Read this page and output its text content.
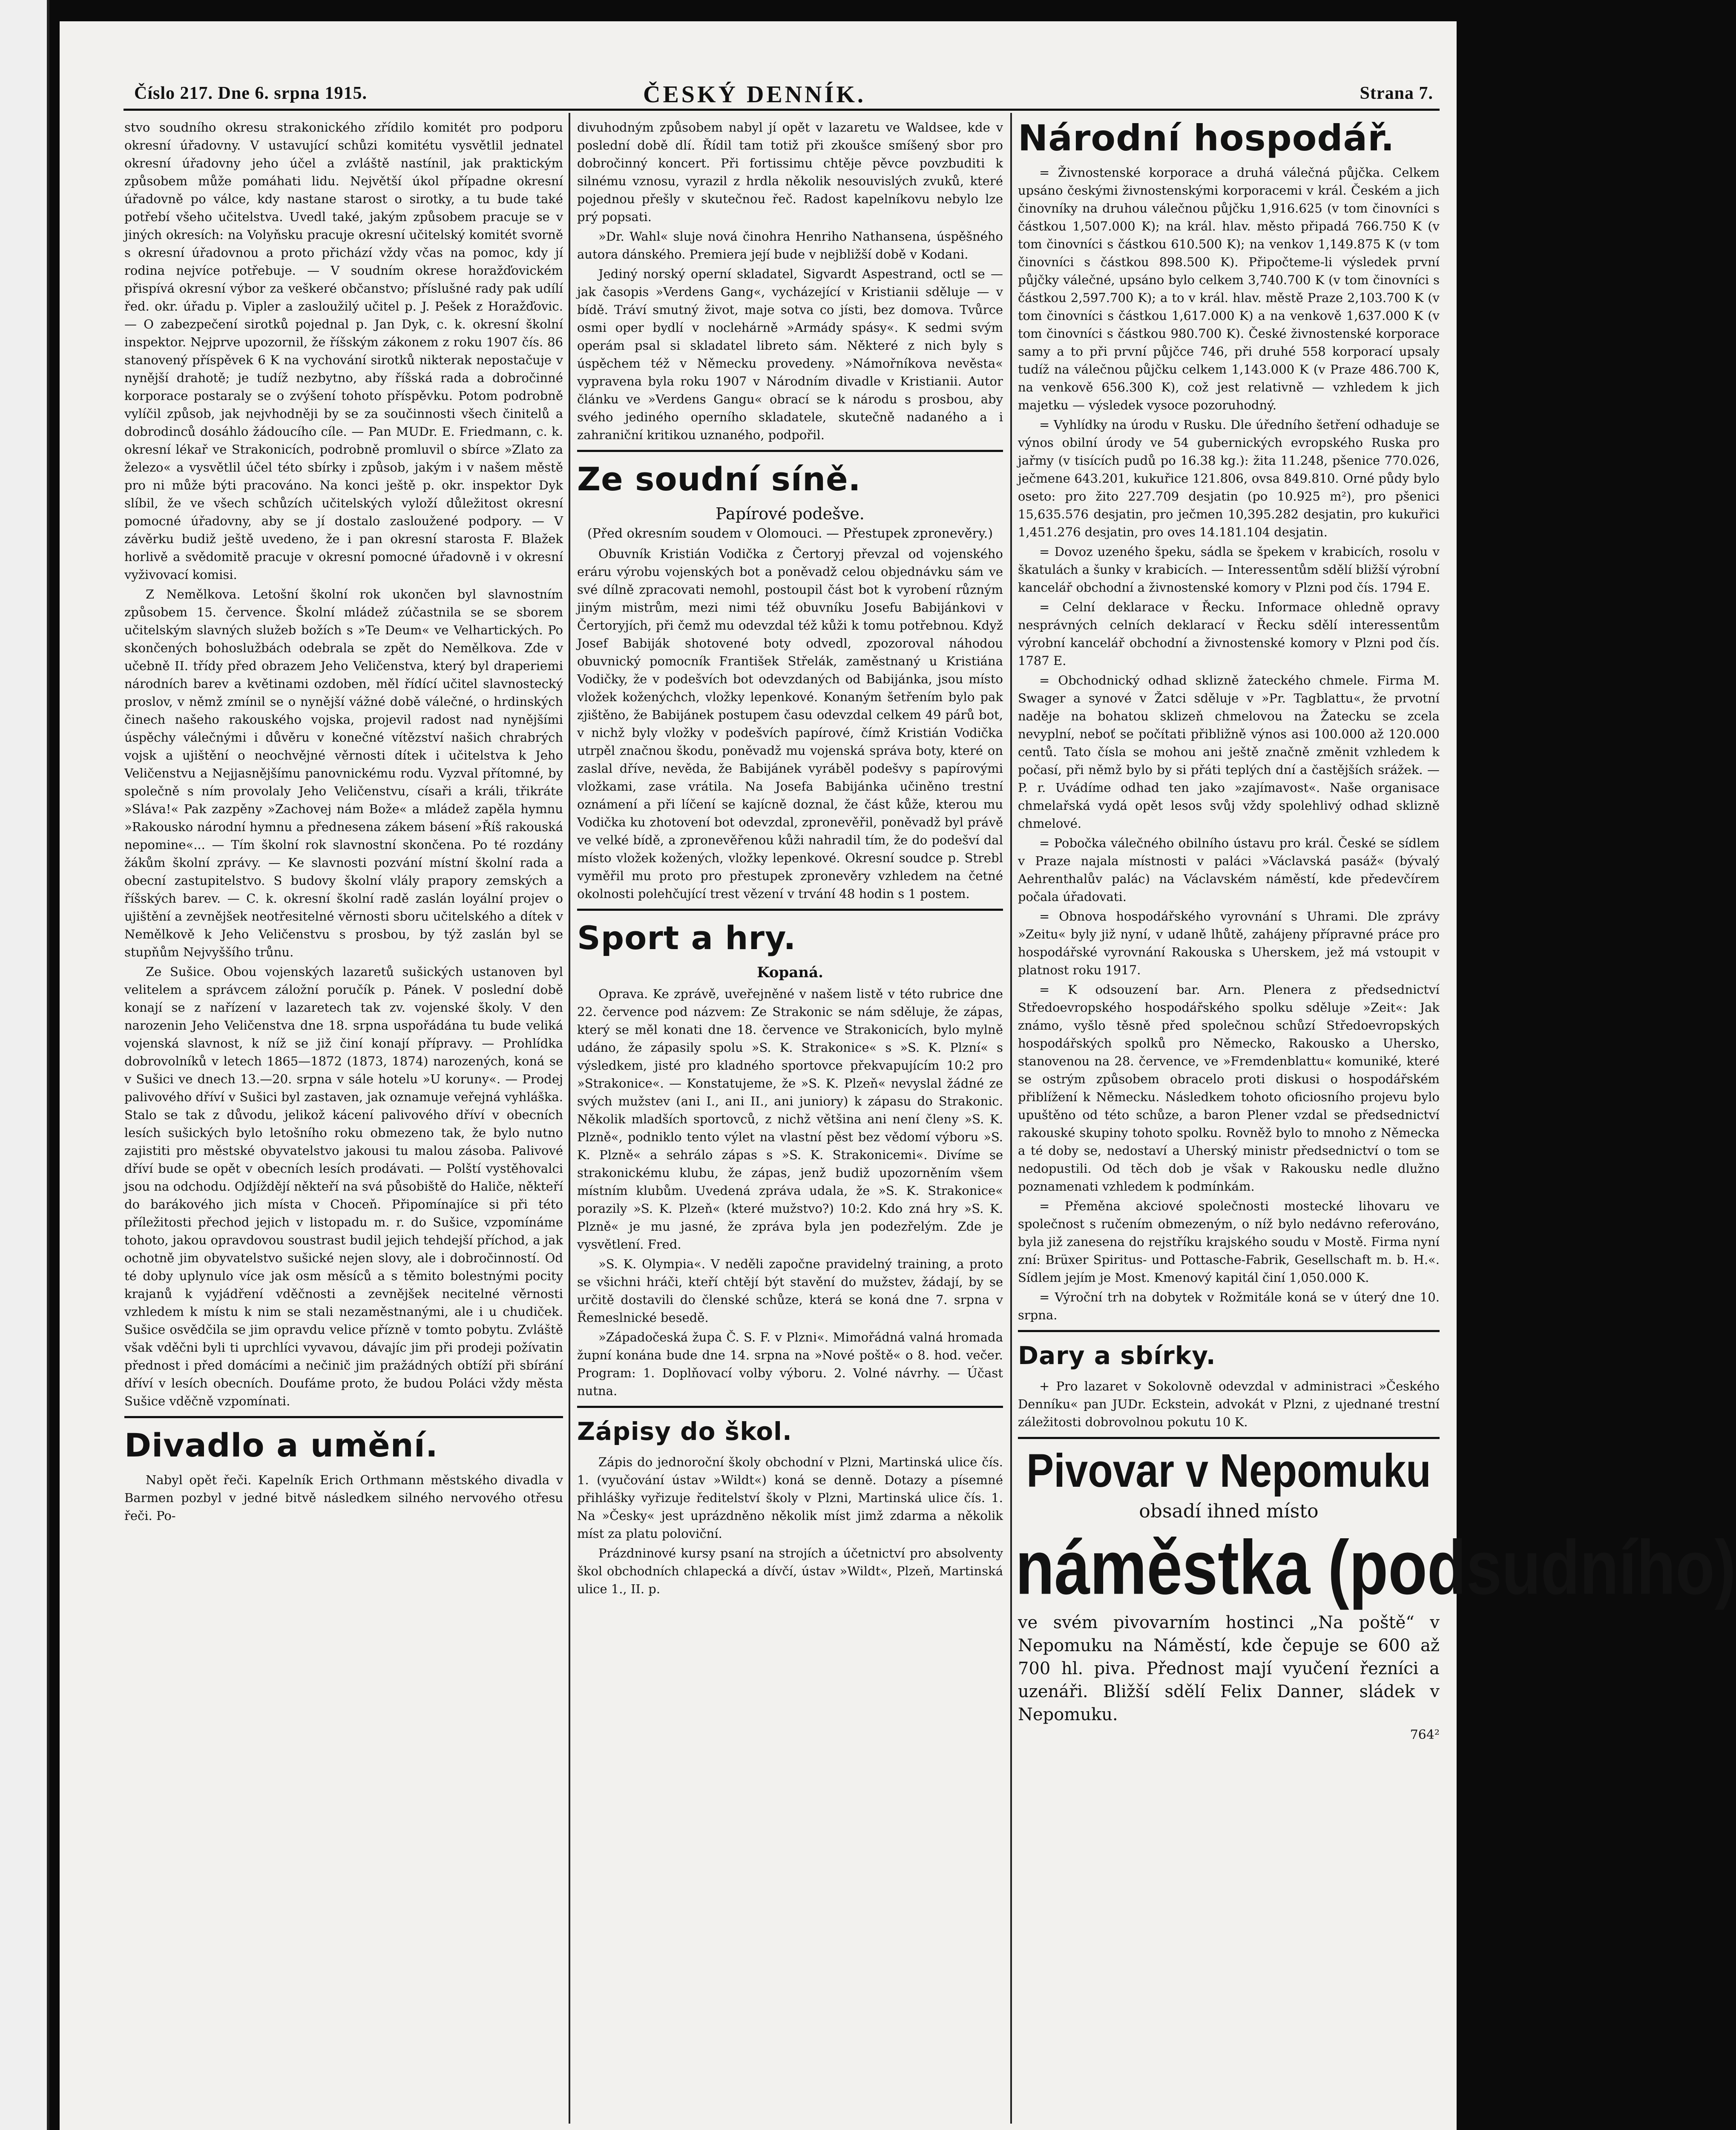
Číslo 217. Dne 6. srpna 1915.	ČESKÝ DENNÍK.	Strana 7.

stvo soudního okresu strakonického zřídilo komitét pro podporu okresní úřadovny. V ustavující schůzi komitétu vysvětlil jednatel okresní úřadovny jeho účel a zvláště nastínil, jak praktickým způsobem může pomáhati lidu. Největší úkol případne okresní úřadovně po válce, kdy nastane starost o sirotky, a tu bude také potřebí všeho učitelstva. Uvedl také, jakým způsobem pracuje se v jiných okresích: na Volyňsku pracuje okresní učitelský komitét svorně s okresní úřadovnou a proto přichází vždy včas na pomoc, kdy jí rodina nejvíce potřebuje. — V soudním okrese horažďovickém přispívá okresní výbor za veškeré občanstvo; příslušné rady pak udílí řed. okr. úřadu p. Vipler a zasloužilý učitel p. J. Pešek z Horažďovic. — O zabezpečení sirotků pojednal p. Jan Dyk, c. k. okresní školní inspektor. Nejprve upozornil, že říšským zákonem z roku 1907 čís. 86 stanovený příspěvek 6 K na vychování sirotků nikterak nepostačuje v nynější drahotě; je tudíž nezbytno, aby říšská rada a dobročinné korporace postaraly se o zvýšení tohoto příspěvku. Potom podrobně vylíčil způsob, jak nejvhodněji by se za součinnosti všech činitelů a dobrodinců dosáhlo žádoucího cíle. — Pan MUDr. E. Friedmann, c. k. okresní lékař ve Strakonicích, podrobně promluvil o sbírce »Zlato za železo« a vysvětlil účel této sbírky i způsob, jakým i v našem městě pro ni může býti pracováno. Na konci ještě p. okr. inspektor Dyk slíbil, že ve všech schůzích učitelských vyloží důležitost okresní pomocné úřadovny, aby se jí dostalo zasloužené podpory. — V závěrku budiž ještě uvedeno, že i pan okresní starosta F. Blažek horlivě a svědomitě pracuje v okresní pomocné úřadovně i v okresní vyživovací komisi.

Z Nemělkova. Letošní školní rok ukončen byl slavnostním způsobem 15. července. Školní mládež zúčastnila se se sborem učitelským slavných služeb božích s »Te Deum« ve Velhartických. Po skončených bohoslužbách odebrala se zpět do Nemělkova. Zde v učebně II. třídy před obrazem Jeho Veličenstva, který byl draperiemi národních barev a květinami ozdoben, měl řídící učitel slavnostecký proslov, v němž zmínil se o nynější vážné době válečné, o hrdinských činech našeho rakouského vojska, projevil radost nad nynějšími úspěchy válečnými i důvěru v konečné vítězství našich chrabrých vojsk a ujištění o neochvějné věrnosti dítek i učitelstva k Jeho Veličenstvu a Nejjasnějšímu panovnickému rodu. Vyzval přítomné, by společně s ním provolaly Jeho Veličenstvu, císaři a králi, třikráte »Sláva!« Pak zazpěny »Zachovej nám Bože« a mládež zapěla hymnu »Rakousko národní hymnu a přednesena zákem básení »Říš rakouská nepomine«... — Tím školní rok slavnostní skončena. Po té rozdány žákům školní zprávy. — Ke slavnosti pozvání místní školní rada a obecní zastupitelstvo. S budovy školní vlály prapory zemských a říšských barev. — C. k. okresní školní radě zaslán loyální projev o ujištění a zevnějšek neotřesitelné věrnosti sboru učitelského a dítek v Nemělkově k Jeho Veličenstvu s prosbou, by týž zaslán byl se stupňům Nejvyššího trůnu.

Ze Sušice. Obou vojenských lazaretů sušických ustanoven byl velitelem a správcem záložní poručík p. Pánek. V poslední době konají se z nařízení v lazaretech tak zv. vojenské školy. V den narozenin Jeho Veličenstva dne 18. srpna uspořádána tu bude veliká vojenská slavnost, k níž se již činí konají přípravy. — Prohlídka dobrovolníků v letech 1865—1872 (1873, 1874) narozených, koná se v Sušici ve dnech 13.—20. srpna v sále hotelu »U koruny«. — Prodej palivového dříví v Sušici byl zastaven, jak oznamuje veřejná vyhláška. Stalo se tak z důvodu, jelikož kácení palivového dříví v obecních lesích sušických bylo letošního roku obmezeno tak, že bylo nutno zajistiti pro městské obyvatelstvo jakousi tu malou zásoba. Palivové dříví bude se opět v obecních lesích prodávati. — Polští vystěhovalci jsou na odchodu. Odjíždějí někteří na svá působiště do Haliče, někteří do barákového jich místa v Choceň. Připomínajíce si při této příležitosti přechod jejich v listopadu m. r. do Sušice, vzpomínáme tohoto, jakou opravdovou soustrast budil jejich tehdejší příchod, a jak ochotně jim obyvatelstvo sušické nejen slovy, ale i dobročinností. Od té doby uplynulo více jak osm měsíců a s těmito bolestnými pocity krajanů k vyjádření vděčnosti a zevnějšek necitelné věrnosti vzhledem k místu k nim se stali nezaměstnanými, ale i u chudiček. Sušice osvědčila se jim opravdu velice přízně v tomto pobytu. Zvláště však vděčni byli ti uprchlíci vyvavou, dávajíc jim při prodeji požívatin přednost i před domácími a nečinič jim pražádných obtíží při sbírání dříví v lesích obecních. Doufáme proto, že budou Poláci vždy města Sušice vděčně vzpomínati.

Divadlo a umění.

Nabyl opět řeči. Kapelník Erich Orthmann městského divadla v Barmen pozbyl v jedné bitvě následkem silného nervového otřesu řeči. Po-

divuhodným způsobem nabyl jí opět v lazaretu ve Waldsee, kde v poslední době dlí. Řídil tam totiž při zkoušce smíšený sbor pro dobročinný koncert. Při fortissimu chtěje pěvce povzbuditi k silnému vznosu, vyrazil z hrdla několik nesouvislých zvuků, které pojednou přešly v skutečnou řeč. Radost kapelníkovu nebylo lze prý popsati.

»Dr. Wahl« slujе nová činohra Henriho Nathansena, úspěšného autora dánského. Premiera její bude v nejbližší době v Kodani.

Jediný norský operní skladatel, Sigvardt Aspestrand, octl se — jak časopis »Verdens Gang«, vycházející v Kristianii sděluje — v bídě. Tráví smutný život, maje sotva co jísti, bez domova. Tvůrce osmi oper bydlí v noclehárně »Armády spásy«. K sedmi svým operám psal si skladatel libreto sám. Některé z nich byly s úspěchem též v Německu provedeny. »Námořníkova nevěsta« vypravena byla roku 1907 v Národním divadle v Kristianii. Autor článku ve »Verdens Gangu« obrací se k národu s prosbou, aby svého jediného operního skladatele, skutečně nadaného a i zahraniční kritikou uznaného, podpořil.

Ze soudní síně.
Papírové podešve.
(Před okresním soudem v Olomouci. — Přestupek zpronevěry.)

Obuvník Kristián Vodička z Čertoryj převzal od vojenského eráru výrobu vojenských bot a poněvadž celou objednávku sám ve své dílně zpracovati nemohl, postoupil část bot k vyrobení různým jiným mistrům, mezi nimi též obuvníku Josefu Babijánkovi v Čertoryjích, při čemž mu odevzdal též kůži k tomu potřebnou. Když Josef Babiják shotovené boty odvedl, zpozoroval náhodou obuvnický pomocník František Střelák, zaměstnaný u Kristiána Vodičky, že v podešvích bot odevzdaných od Babijánka, jsou místo vložek koženýchch, vložky lepenkové. Konaným šetřením bylo pak zjištěno, že Babijánek postupem času odevzdal celkem 49 párů bot, v nichž byly vložky v podešvích papírové, čímž Kristián Vodička utrpěl značnou škodu, poněvadž mu vojenská správa boty, které on zaslal dříve, nevěda, že Babijánek vyráběl podešvy s papírovými vložkami, zase vrátila. Na Josefa Babijánka učiněno trestní oznámení a při líčení se kajícně doznal, že část kůže, kterou mu Vodička ku zhotovení bot odevzdal, zpronevěřil, poněvadž byl právě ve velké bídě, a zpronevěřenou kůži nahradil tím, že do podešví dal místo vložek kožených, vložky lepenkové. Okresní soudce p. Strebl vyměřil mu proto pro přestupek zpronevěry vzhledem na četné okolnosti polehčující trest vězení v trvání 48 hodin s 1 postem.

Sport a hry.
Kopaná.

Oprava. Ke zprávě, uveřejněné v našem listě v této rubrice dne 22. července pod názvem: Ze Strakonic se nám sděluje, že zápas, který se měl konati dne 18. července ve Strakonicích, bylo mylně udáno, že zápasily spolu »S. K. Strakonice« s »S. K. Plzní« s výsledkem, jisté pro kladného sportovce překvapujícím 10:2 pro »Strakonice«. — Konstatujeme, že »S. K. Plzeň« nevyslal žádné ze svých mužstev (ani I., ani II., ani juniory) k zápasu do Strakonic. Několik mladších sportovců, z nichž většina ani není členy »S. K. Plzně«, podniklo tento výlet na vlastní pěst bez vědomí výboru »S. K. Plzně« a sehrálo zápas s »S. K. Strakonicemi«. Divíme se strakonickému klubu, že zápas, jenž budiž upozorněním všem místním klubům. Uvedená zpráva udala, že »S. K. Strakonice« porazily »S. K. Plzeň« (které mužstvo?) 10:2. Kdo zná hry »S. K. Plzně« je mu jasné, že zpráva byla jen podezřelým. Zde je vysvětlení. Fred.

»S. K. Olympia«. V neděli započne pravidelný training, a proto se všichni hráči, kteří chtějí být stavění do mužstev, žádají, by se určitě dostavili do členské schůze, která se koná dne 7. srpna v Řemeslnické besedě.

»Západočeská župa Č. S. F. v Plzni«. Mimořádná valná hromada župní konána bude dne 14. srpna na »Nové poště« o 8. hod. večer. Program: 1. Doplňovací volby výboru. 2. Volné návrhy. — Účast nutna.

Zápisy do škol.

Zápis do jednoroční školy obchodní v Plzni, Martinská ulice čís. 1. (vyučování ústav »Wildt«) koná se denně. Dotazy a písemné přihlášky vyřizuje ředitelství školy v Plzni, Martinská ulice čís. 1. Na »Česky« jest uprázdněno několik míst jimž zdarma a několik míst za platu poloviční.

Prázdninové kursy psaní na strojích a účetnictví pro absolventy škol obchodních chlapecká a dívčí, ústav »Wildt«, Plzeň, Martinská ulice 1., II. p.

Národní hospodář.

= Živnostenské korporace a druhá válečná půjčka. Celkem upsáno českými živnostenskými korporacemi v král. Českém a jich činovníky na druhou válečnou půjčku 1,916.625 (v tom činovníci s částkou 1,507.000 K); na král. hlav. město připadá 766.750 K (v tom činovníci s částkou 610.500 K); na venkov 1,149.875 K (v tom činovníci s částkou 898.500 K). Připočteme-li výsledek první půjčky válečné, upsáno bylo celkem 3,740.700 K (v tom činovníci s částkou 2,597.700 K); a to v král. hlav. městě Praze 2,103.700 K (v tom činovníci s částkou 1,617.000 K) a na venkově 1,637.000 K (v tom činovníci s částkou 980.700 K). České živnostenské korporace samy a to při první půjčce 746, při druhé 558 korporací upsaly tudíž na válečnou půjčku celkem 1,143.000 K (v Praze 486.700 K, na venkově 656.300 K), což jest relativně — vzhledem k jich majetku — výsledek vysoce pozoruhodný.

= Vyhlídky na úrodu v Rusku. Dle úředního šetření odhaduje se výnos obilní úrody ve 54 gubernických evropského Ruska pro jařmy (v tisících pudů po 16.38 kg.): žita 11.248, pšenice 770.026, ječmene 643.201, kukuřice 121.806, ovsa 849.810. Orné půdy bylo oseto: pro žito 227.709 desjatin (po 10.925 m²), pro pšenici 15,635.576 desjatin, pro ječmen 10,395.282 desjatin, pro kukuřici 1,451.276 desjatin, pro oves 14.181.104 desjatin.

= Dovoz uzeného špeku, sádla se špekem v krabicích, rosolu v škatulách a šunky v krabicích. — Interessentům sdělí bližší výrobní kancelář obchodní a živnostenské komory v Plzni pod čís. 1794 E.

= Celní deklarace v Řecku. Informace ohledně opravy nesprávných celních deklarací v Řecku sdělí interessentům výrobní kancelář obchodní a živnostenské komory v Plzni pod čís. 1787 E.

= Obchodnický odhad sklizně žateckého chmele. Firma M. Swager a synové v Žatci sděluje v »Pr. Tagblattu«, že prvotní naděje na bohatou sklizeň chmelovou na Žatecku se zcela nevyplní, neboť se počítati přibližně výnos asi 100.000 až 120.000 centů. Tato čísla se mohou ani ještě značně změnit vzhledem k počasí, při němž bylo by si přáti teplých dní a častějších srážek. — P. r. Uvádíme odhad ten jako »zajímavost«. Naše organisace chmelařská vydá opět lesos svůj vždy spolehlivý odhad sklizně chmelové.

= Pobočka válečného obilního ústavu pro král. České se sídlem v Praze najala místnosti v paláci »Václavská pasáž« (bývalý Aehrenthalův palác) na Václavském náměstí, kde předevčírem počala úřadovati.

= Obnova hospodářského vyrovnání s Uhrami. Dle zprávy »Zeitu« byly již nyní, v udaně lhůtě, zahájeny přípravné práce pro hospodářské vyrovnání Rakouska s Uherskem, jež má vstoupit v platnost roku 1917.

= K odsouzení bar. Arn. Plenera z předsednictví Středoevropského hospodářského spolku sděluje »Zeit«: Jak známo, vyšlo těsně před společnou schůzí Středoevropských hospodářských spolků pro Německo, Rakousko a Uhersko, stanovenou na 28. července, ve »Fremdenblattu« komuniké, které se ostrým způsobem obracelo proti diskusi o hospodářském přiblížení k Německu. Následkem tohoto oficiosního projevu bylo upuštěno od této schůze, a baron Plener vzdal se předsednictví rakouské skupiny tohoto spolku. Rovněž bylo to mnoho z Německa a té doby se, nedostaví a Uherský ministr předsednictví o tom se nedopustili. Od těch dob je však v Rakousku nedle dlužno poznamenati vzhledem k podmínkám.

= Přeměna akciové společnosti mostecké lihovaru ve společnost s ručením obmezeným, o níž bylo nedávno referováno, byla již zanesena do rejstříku krajského soudu v Mostě. Firma nyní zní: Brüxer Spiritus- und Pottasche-Fabrik, Gesellschaft m. b. H.«. Sídlem jejím je Most. Kmenový kapitál činí 1,050.000 K.

= Výroční trh na dobytek v Rožmitále koná se v úterý dne 10. srpna.

Dary a sbírky.

+ Pro lazaret v Sokolovně odevzdal v administraci »Českého Denníku« pan JUDr. Eckstein, advokát v Plzni, z ujednané trestní záležitosti dobrovolnou pokutu 10 K.

Pivovar v Nepomuku
obsadí ihned místo
náměstka (podsudního)
ve svém pivovarním hostinci „Na poště“ v Nepomuku na Náměstí, kde čepuje se 600 až 700 hl. piva. Přednost mají vyučení řezníci a uzenáři. Bližší sdělí Felix Danner, sládek v Nepomuku.
764²
